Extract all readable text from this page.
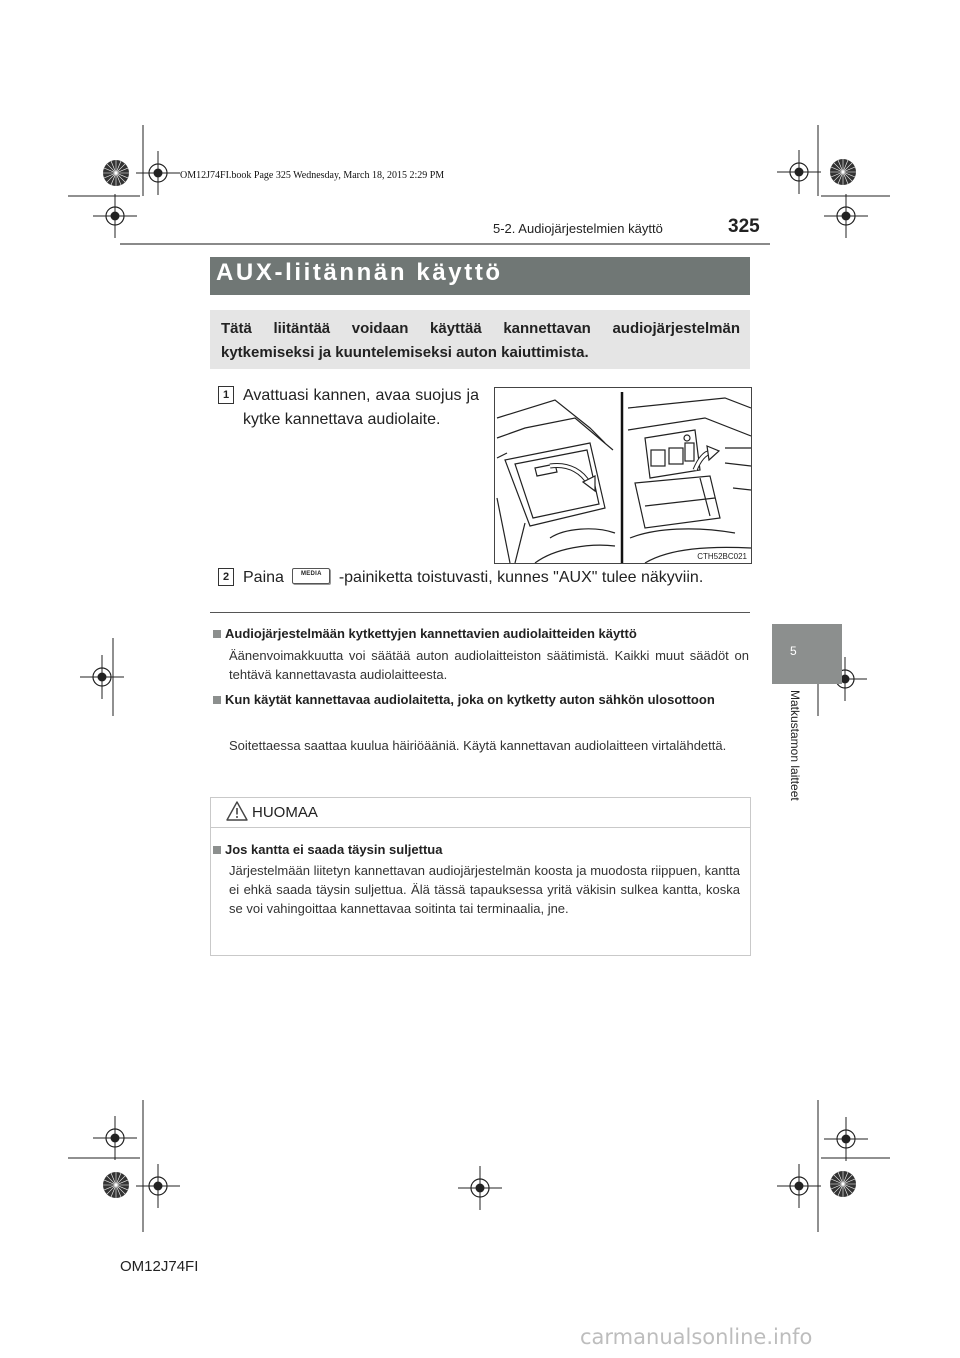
OM12J74FI.book Page 325 Wednesday, March 18, 2015 2:29 PM
5-2. Audiojärjestelmien käyttö	325
5
Matkustamon laitteet
AUX-liitännän käyttö
Tätä liitäntää voidaan käyttää kannettavan audiojärjestelmän kytkemiseksi ja kuuntelemiseksi auton kaiuttimista.
1 Avattuasi kannen, avaa suojus ja kytke kannettava audiolaite.
CTH52BC021
2 Paina	MEDIA	-painiketta toistuvasti, kunnes "AUX" tulee näkyviin.
Audiojärjestelmään kytkettyjen kannettavien audiolaitteiden käyttö
Äänenvoimakkuutta voi säätää auton audiolaitteiston säätimistä. Kaikki muut säädöt on tehtävä kannettavasta audiolaitteesta.
Kun käytät kannettavaa audiolaitetta, joka on kytketty auton sähkön ulosottoon
Soitettaessa saattaa kuulua häiriöääniä. Käytä kannettavan audiolaitteen virtalähdettä.
HUOMAA
Jos kantta ei saada täysin suljettua
Järjestelmään liitetyn kannettavan audiojärjestelmän koosta ja muodosta riippuen, kantta ei ehkä saada täysin suljettua. Älä tässä tapauksessa yritä väkisin sulkea kantta, koska se voi vahingoittaa kannettavaa soitinta tai terminaalia, jne.
OM12J74FI
carmanualsonline.info
